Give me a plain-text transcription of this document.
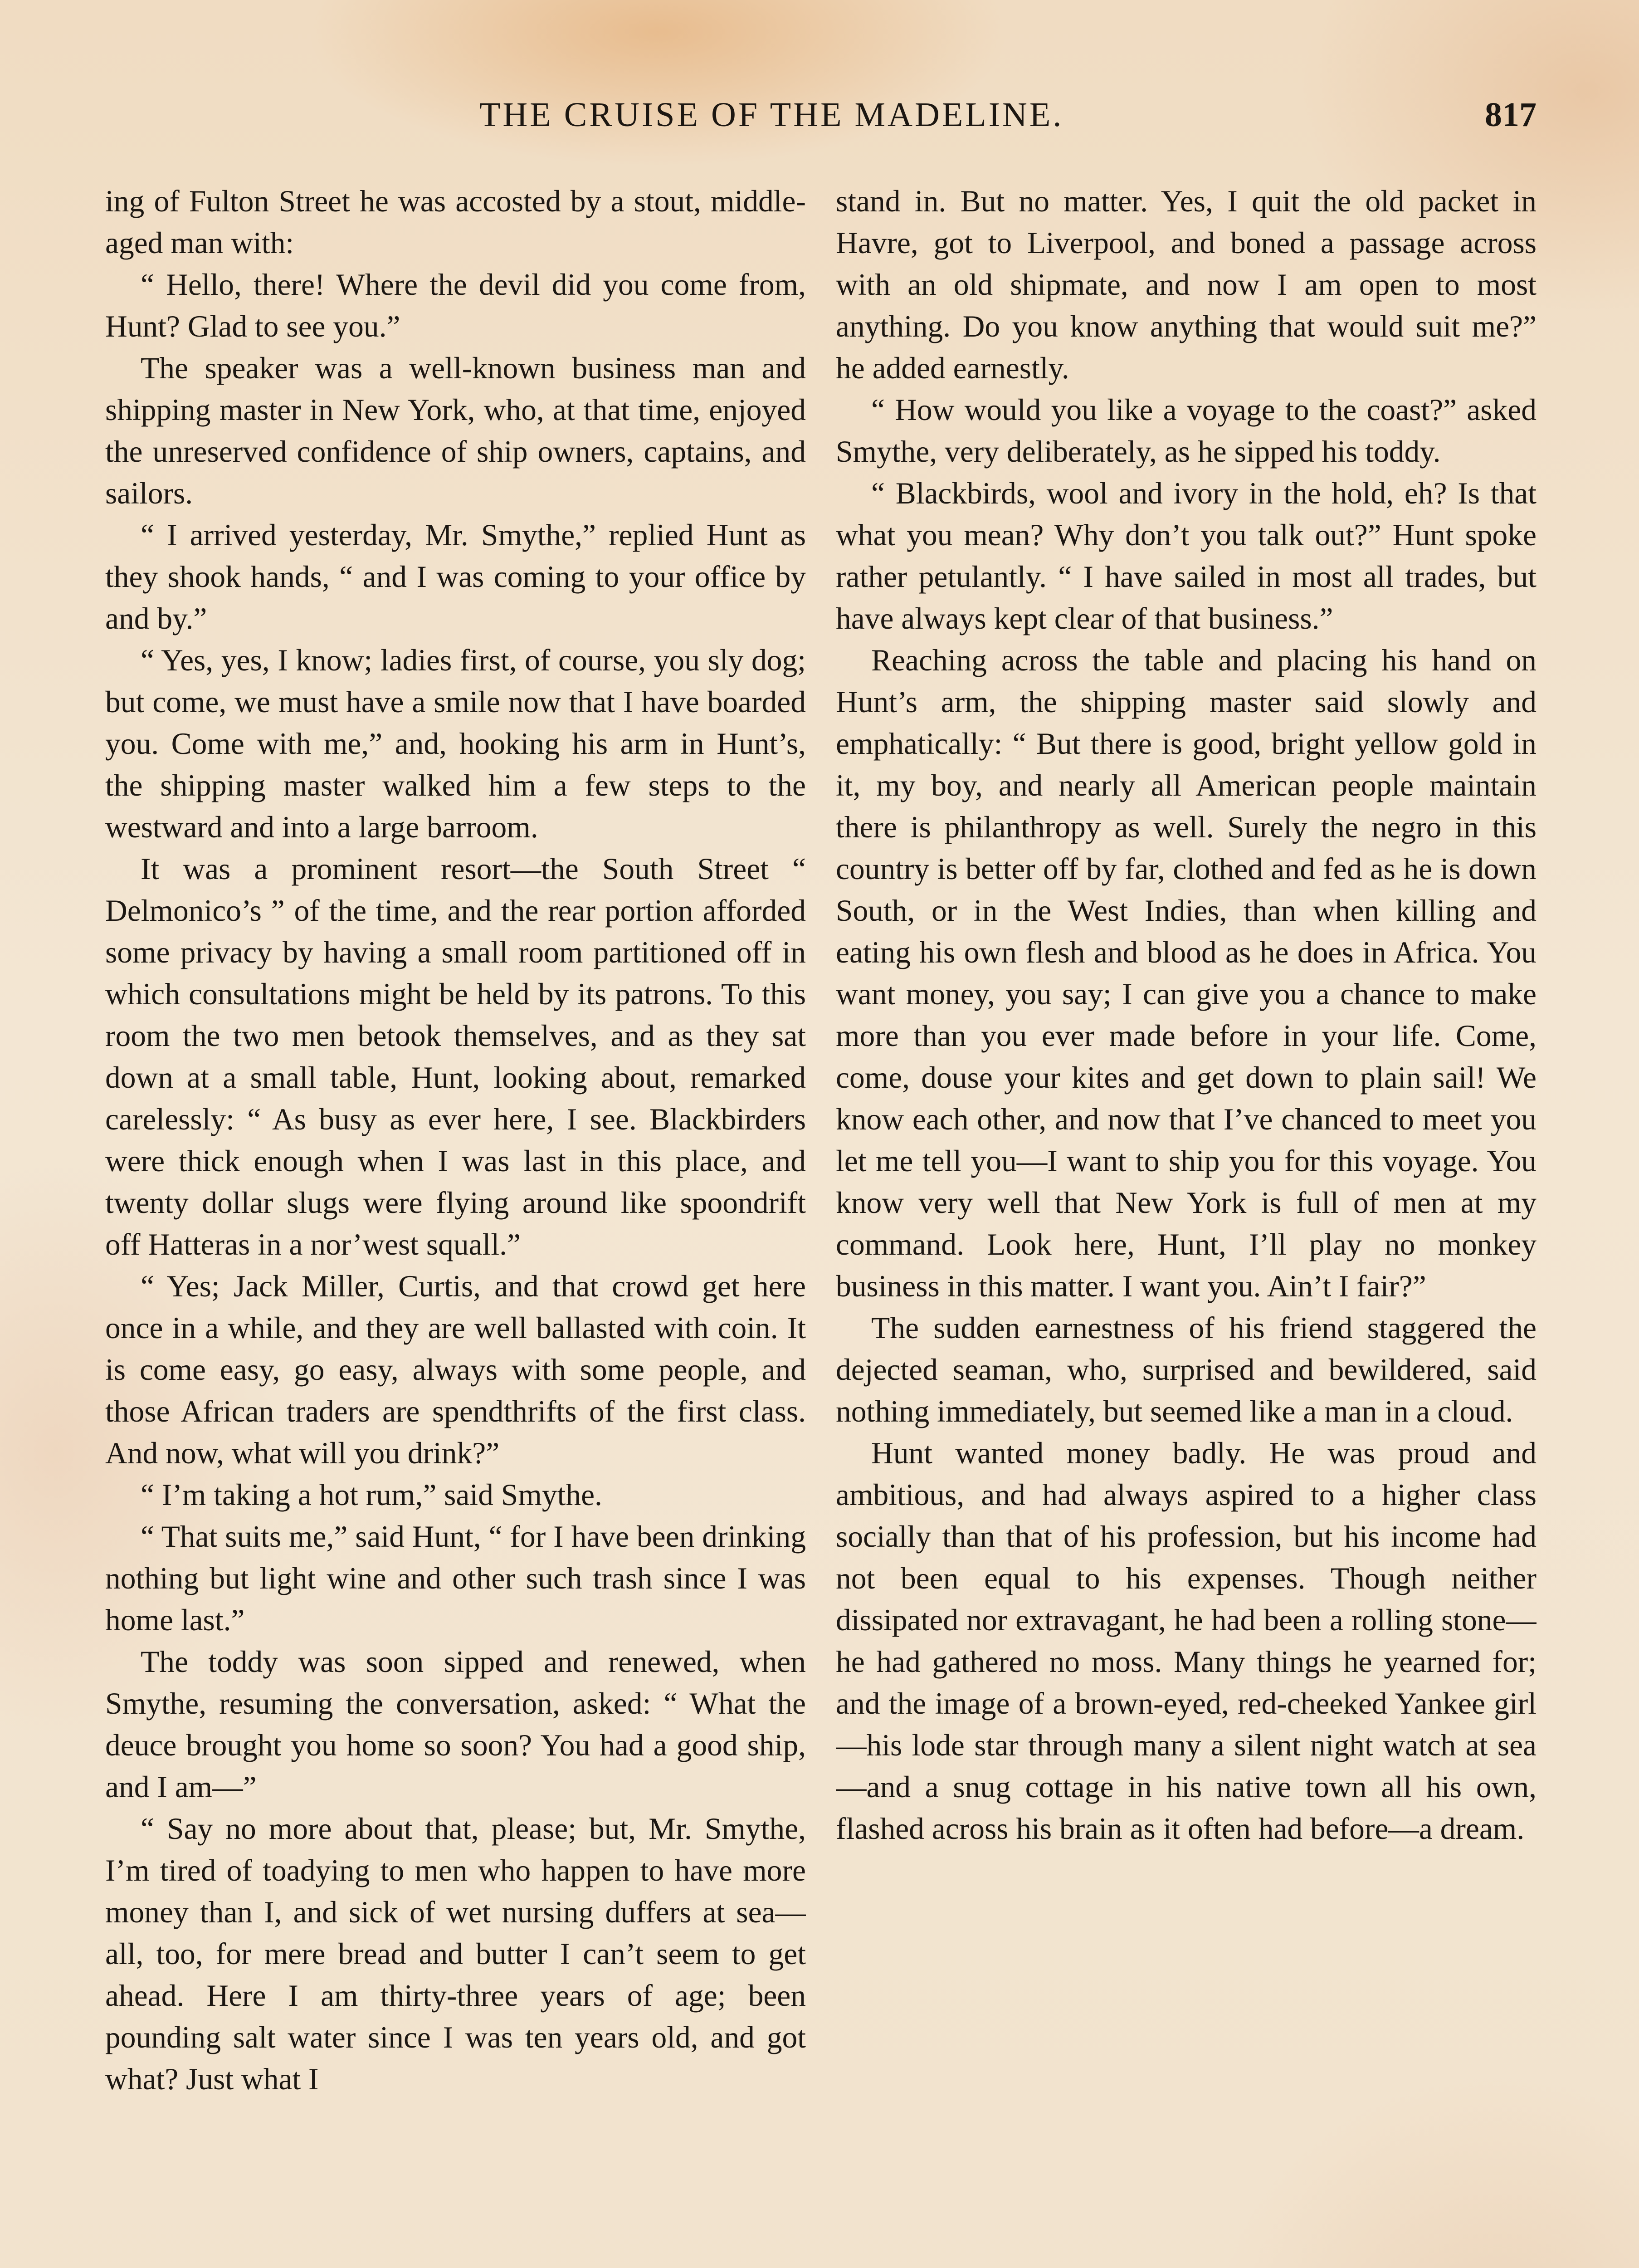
THE CRUISE OF THE MADELINE.	817

ing of Fulton Street he was accosted by a stout, middle-aged man with:

“ Hello, there! Where the devil did you come from, Hunt? Glad to see you.”

The speaker was a well-known business man and shipping master in New York, who, at that time, enjoyed the unreserved confidence of ship owners, captains, and sailors.

“ I arrived yesterday, Mr. Smythe,” replied Hunt as they shook hands, “ and I was coming to your office by and by.”

“ Yes, yes, I know; ladies first, of course, you sly dog; but come, we must have a smile now that I have boarded you. Come with me,” and, hooking his arm in Hunt’s, the shipping master walked him a few steps to the westward and into a large barroom.

It was a prominent resort—the South Street “ Delmonico’s ” of the time, and the rear portion afforded some privacy by having a small room partitioned off in which consultations might be held by its patrons. To this room the two men betook themselves, and as they sat down at a small table, Hunt, looking about, remarked carelessly: “ As busy as ever here, I see. Blackbirders were thick enough when I was last in this place, and twenty dollar slugs were flying around like spoondrift off Hatteras in a nor’west squall.”

“ Yes; Jack Miller, Curtis, and that crowd get here once in a while, and they are well ballasted with coin. It is come easy, go easy, always with some people, and those African traders are spendthrifts of the first class. And now, what will you drink?”

“ I’m taking a hot rum,” said Smythe.

“ That suits me,” said Hunt, “ for I have been drinking nothing but light wine and other such trash since I was home last.”

The toddy was soon sipped and renewed, when Smythe, resuming the conversation, asked: “ What the deuce brought you home so soon? You had a good ship, and I am—”

“ Say no more about that, please; but, Mr. Smythe, I’m tired of toadying to men who happen to have more money than I, and sick of wet nursing duffers at sea—all, too, for mere bread and butter I can’t seem to get ahead. Here I am thirty-three years of age; been pounding salt water since I was ten years old, and got what? Just what I

stand in. But no matter. Yes, I quit the old packet in Havre, got to Liverpool, and boned a passage across with an old shipmate, and now I am open to most anything. Do you know anything that would suit me?” he added earnestly.

“ How would you like a voyage to the coast?” asked Smythe, very deliberately, as he sipped his toddy.

“ Blackbirds, wool and ivory in the hold, eh? Is that what you mean? Why don’t you talk out?” Hunt spoke rather petulantly. “ I have sailed in most all trades, but have always kept clear of that business.”

Reaching across the table and placing his hand on Hunt’s arm, the shipping master said slowly and emphatically: “ But there is good, bright yellow gold in it, my boy, and nearly all American people maintain there is philanthropy as well. Surely the negro in this country is better off by far, clothed and fed as he is down South, or in the West Indies, than when killing and eating his own flesh and blood as he does in Africa. You want money, you say; I can give you a chance to make more than you ever made before in your life. Come, come, douse your kites and get down to plain sail! We know each other, and now that I’ve chanced to meet you let me tell you—I want to ship you for this voyage. You know very well that New York is full of men at my command. Look here, Hunt, I’ll play no monkey business in this matter. I want you. Ain’t I fair?”

The sudden earnestness of his friend staggered the dejected seaman, who, surprised and bewildered, said nothing immediately, but seemed like a man in a cloud.

Hunt wanted money badly. He was proud and ambitious, and had always aspired to a higher class socially than that of his profession, but his income had not been equal to his expenses. Though neither dissipated nor extravagant, he had been a rolling stone—he had gathered no moss. Many things he yearned for; and the image of a brown-eyed, red-cheeked Yankee girl—his lode star through many a silent night watch at sea—and a snug cottage in his native town all his own, flashed across his brain as it often had before—a dream.
